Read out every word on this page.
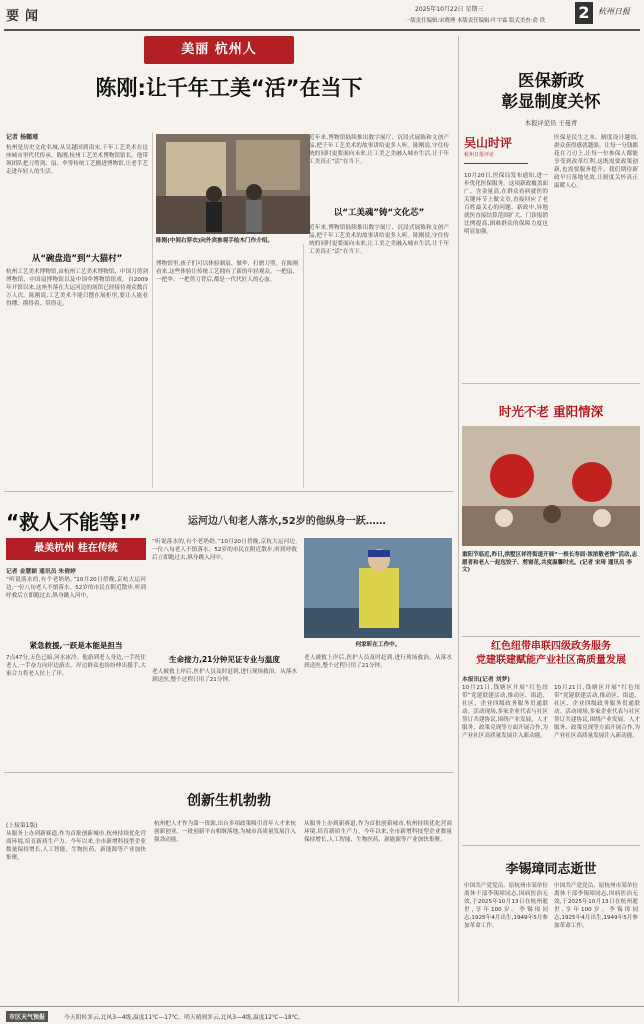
要闻	2025年10月22日 星期三
一版责任编辑:宋晓理 本版责任编辑:叶宇霖 版式美查:俞 铁 2	杭州日报
美丽 杭州人
陈刚:让千年工美“活”在当下
记者 杨懿瑾
杭州是历史文化名城,从吴越国到南宋,千年工艺美术在这座城市里代代传承。陈刚,杭州工艺美术博物馆馆长。他带领团队把刀剪剑、扇、伞等传统工艺搬进博物馆,让老手艺走进年轻人的生活。
从“碗盘造”到“大猫村”
杭州工艺美术博物馆,由杭州工艺美术博物馆、中国刀剪剑博物馆、中国扇博物馆以及中国伞博物馆组成。自2009年开馆以来,这座坐落在大运河边的场馆已经接待观众数百万人次。陈刚说,工艺美术不能只摆在展柜里,要让人能看得懂、摸得着、带得走。
陈刚(中间右穿衣)向外宾参观手绘木门作介绍。
博物馆里,孩子们可以体验制扇、做伞、打磨刀剪。在陈刚看来,这些体验让传统工艺拥有了新的年轻观众。一把扇、一把伞、一把剪刀背后,都是一代代匠人的心血。
以“工美魂”铸“文化芯”
近年来,博物馆陆续推出数字展厅、沉浸式展陈和文创产品,把千年工艺美术的故事讲给更多人听。陈刚说,守住传统的同时更要面向未来,让工美之美融入城市生活,让千年工美真正“活”在当下。
近年来,博物馆陆续推出数字展厅、沉浸式展陈和文创产品,把千年工艺美术的故事讲给更多人听。陈刚说,守住传统的同时更要面向未来,让工美之美融入城市生活,让千年工美真正“活”在当下。
医保新政
彰显制度关怀
本报评论员 王曼青
吴山时评
杭州日报评论
10月20日,医保局发布通知,进一步优化医保服务。这项新政覆盖面广、含金量高,在群众看病就医的关键环节上做文章,直接回应了老百姓最关心的问题。新政中,异地就医直接结算范围扩大、门诊报销比例提高,困难群众的保障力度也明显加强。
医保是民生之本。制度设计越细,群众获得感就越强。让每一分钱都花在刀刃上,让每一位参保人都能享受到改革红利,这既需要政策创新,也需要服务提升。我们期待新政早日落地见效,让制度关怀真正温暖人心。
时光不老 重阳情深
重阳节临近,昨日,拱墅区祥符街道开展“一根长寿面·浓浓敬老情”活动,志愿者和老人一起包饺子、剪窗花,共度温馨时光。(记者 宋琦 通讯员 李 文)
红色纽带串联四级政务服务
党建联建赋能产业社区高质量发展
本报讯(记者 刘梦)
10月21日,钱塘区开展“红色纽带”党建联建活动,推动区、街道、社区、企业四级政务服务贯通联动。活动现场,多家企业代表与社区签订共建协议,围绕产业发展、人才服务、政策兑现等方面开展合作,为产业社区高质量发展注入新动能。
10月21日,钱塘区开展“红色纽带”党建联建活动,推动区、街道、社区、企业四级政务服务贯通联动。活动现场,多家企业代表与社区签订共建协议,围绕产业发展、人才服务、政策兑现等方面开展合作,为产业社区高质量发展注入新动能。
李锡璋同志逝世
中国共产党党员、原杭州市某单位离休干部李锡璋同志,因病医治无效,于2025年10月13日在杭州逝世,享年100岁。李锡璋同志,1925年4月出生,1949年5月参加革命工作。
中国共产党党员、原杭州市某单位离休干部李锡璋同志,因病医治无效,于2025年10月13日在杭州逝世,享年100岁。李锡璋同志,1925年4月出生,1949年5月参加革命工作。
“救人不能等!”	运河边八旬老人落水,52岁的他纵身一跃……
最美杭州 桂在传统
记者 金慧颖 通讯员 朱倩婷
“听说落水的,有个老奶奶。”10月20日傍晚,京杭大运河边,一位八旬老人不慎落水。52岁的市民在附近散步,听到呼救后立即跑过去,纵身跳入河中。
紧急救援,一跃是本能是担当
7点47分,天色已暗,河水冰冷。他游到老人身边,一手托住老人,一手奋力向岸边游去。岸边群众也纷纷伸出援手,大家合力将老人拉上了岸。
“听说落水的,有个老奶奶。”10月20日傍晚,京杭大运河边,一位八旬老人不慎落水。52岁的市民在附近散步,听到呼救后立即跑过去,纵身跳入河中。
生命接力,21分钟见证专业与温度
老人被救上岸后,医护人员及时赶到,进行现场救治。从落水到送医,整个过程只用了21分钟。
何家昕在工作中。
老人被救上岸后,医护人员及时赶到,进行现场救治。从落水到送医,整个过程只用了21分钟。
创新生机勃勃
(上接第1版)
从服务上办到新赛道,作为首批创新城市,杭州持续优化营商环境,培育新质生产力。今年以来,全市新增科技型企业数量保持增长,人工智能、生物医药、新能源等产业加快集聚。
杭州把人才作为第一资源,出台多项政策吸引青年人才来杭创新创业。一批创新平台相继落地,为城市高质量发展注入强劲动能。
从服务上办到新赛道,作为首批创新城市,杭州持续优化营商环境,培育新质生产力。今年以来,全市新增科技型企业数量保持增长,人工智能、生物医药、新能源等产业加快集聚。
市区天气预报	今天阴转多云,北风3—4级,温度11℃—17℃。明天晴到多云,北风3—4级,温度12℃—18℃。
